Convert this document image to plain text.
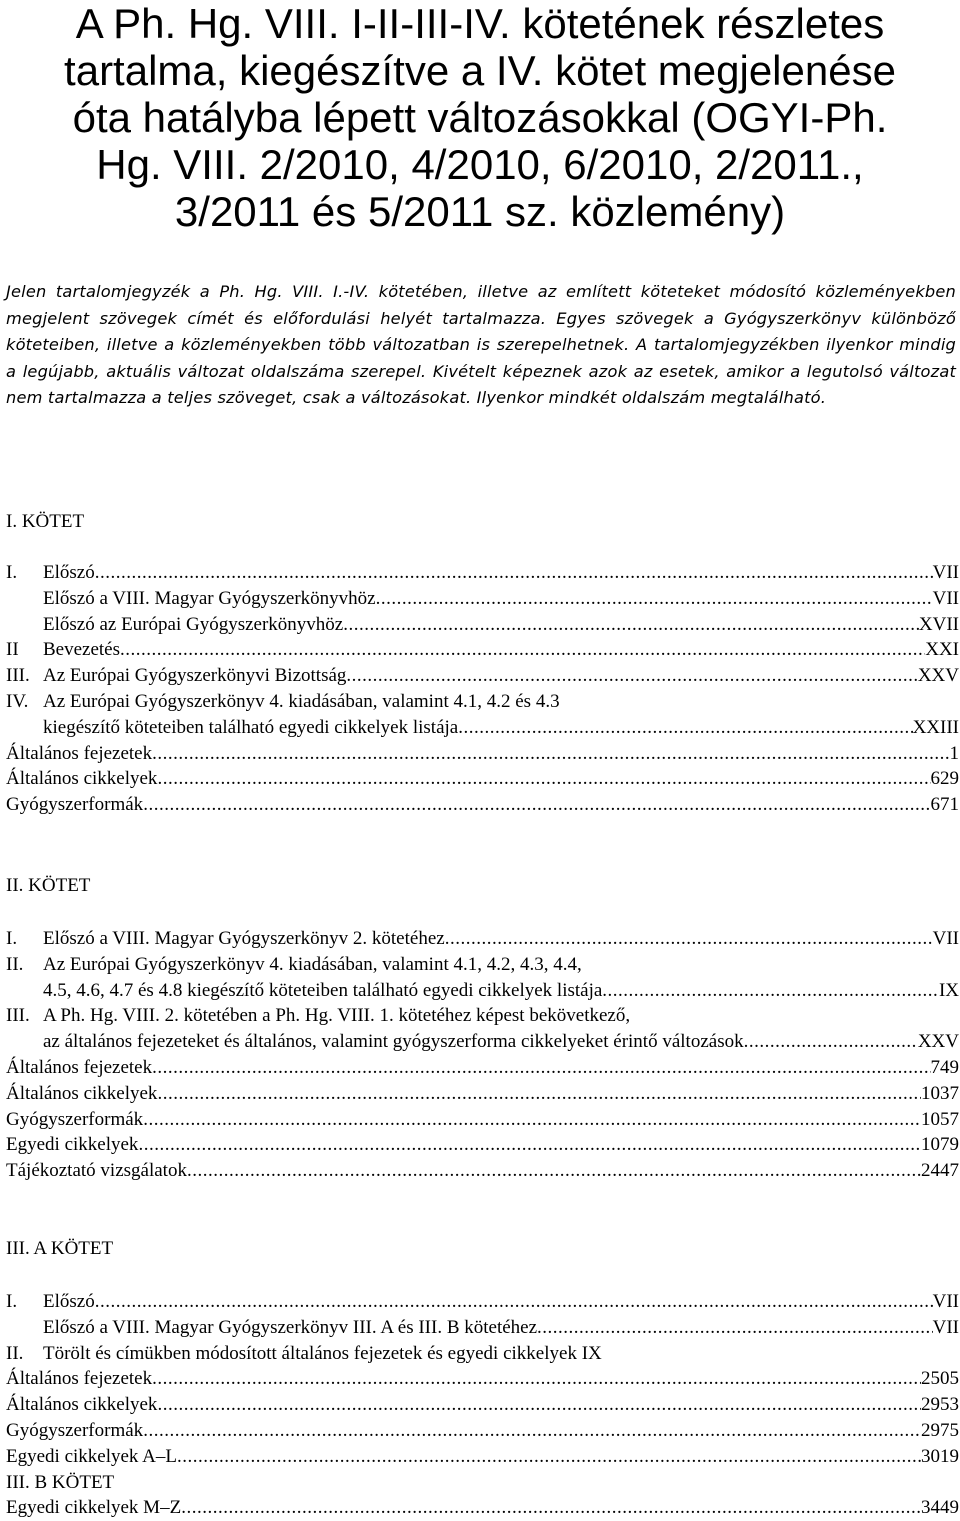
A Ph. Hg. VIII. I-II-III-IV. kötetének részletes
tartalma, kiegészítve a IV. kötet megjelenése
óta hatályba lépett változásokkal (OGYI-Ph.
Hg. VIII. 2/2010, 4/2010, 6/2010, 2/2011.,
3/2011 és 5/2011 sz. közlemény)

Jelen tartalomjegyzék a Ph. Hg. VIII. I.-IV. kötetében, illetve az említett köteteket módosító közleményekben megjelent szövegek címét és előfordulási helyét tartalmazza. Egyes szövegek a Gyógyszerkönyv különböző köteteiben, illetve a közleményekben több változatban is szerepelhetnek. A tartalomjegyzékben ilyenkor mindig a legújabb, aktuális változat oldalszáma szerepel. Kivételt képeznek azok az esetek, amikor a legutolsó változat nem tartalmazza a teljes szöveget, csak a változásokat. Ilyenkor mindkét oldalszám megtalálható.

I. KÖTET
I.	Előszó .....	VII
Előszó a VIII. Magyar Gyógyszerkönyvhöz .....	VII
Előszó az Európai Gyógyszerkönyvhöz .....	XVII
II	Bevezetés .....	XXI
III. Az Európai Gyógyszerkönyvi Bizottság .....	XXV
IV. Az Európai Gyógyszerkönyv 4. kiadásában, valamint 4.1, 4.2 és 4.3
kiegészítő köteteiben található egyedi cikkelyek listája .....	XXIII
Általános fejezetek .....	1
Általános cikkelyek .....	629
Gyógyszerformák .....	671
II. KÖTET
I.	Előszó a VIII. Magyar Gyógyszerkönyv 2. kötetéhez .....	VII
II.	Az Európai Gyógyszerkönyv 4. kiadásában, valamint 4.1, 4.2, 4.3, 4.4,
4.5, 4.6, 4.7 és 4.8 kiegészítő köteteiben található egyedi cikkelyek listája .....	IX
III. A Ph. Hg. VIII. 2. kötetében a Ph. Hg. VIII. 1. kötetéhez képest bekövetkező,
az általános fejezeteket és általános, valamint gyógyszerforma cikkelyeket érintő változások .....	XXV
Általános fejezetek .....	749
Általános cikkelyek .....	1037
Gyógyszerformák .....	1057
Egyedi cikkelyek .....	1079
Tájékoztató vizsgálatok .....	2447
III. A KÖTET
I.	Előszó .....	VII
Előszó a VIII. Magyar Gyógyszerkönyv III. A és III. B kötetéhez .....	VII
II.	Törölt és címükben módosított általános fejezetek és egyedi cikkelyek IX
Általános fejezetek .....	2505
Általános cikkelyek .....	2953
Gyógyszerformák .....	2975
Egyedi cikkelyek A–L .....	3019
III. B KÖTET
Egyedi cikkelyek M–Z .....	3449
